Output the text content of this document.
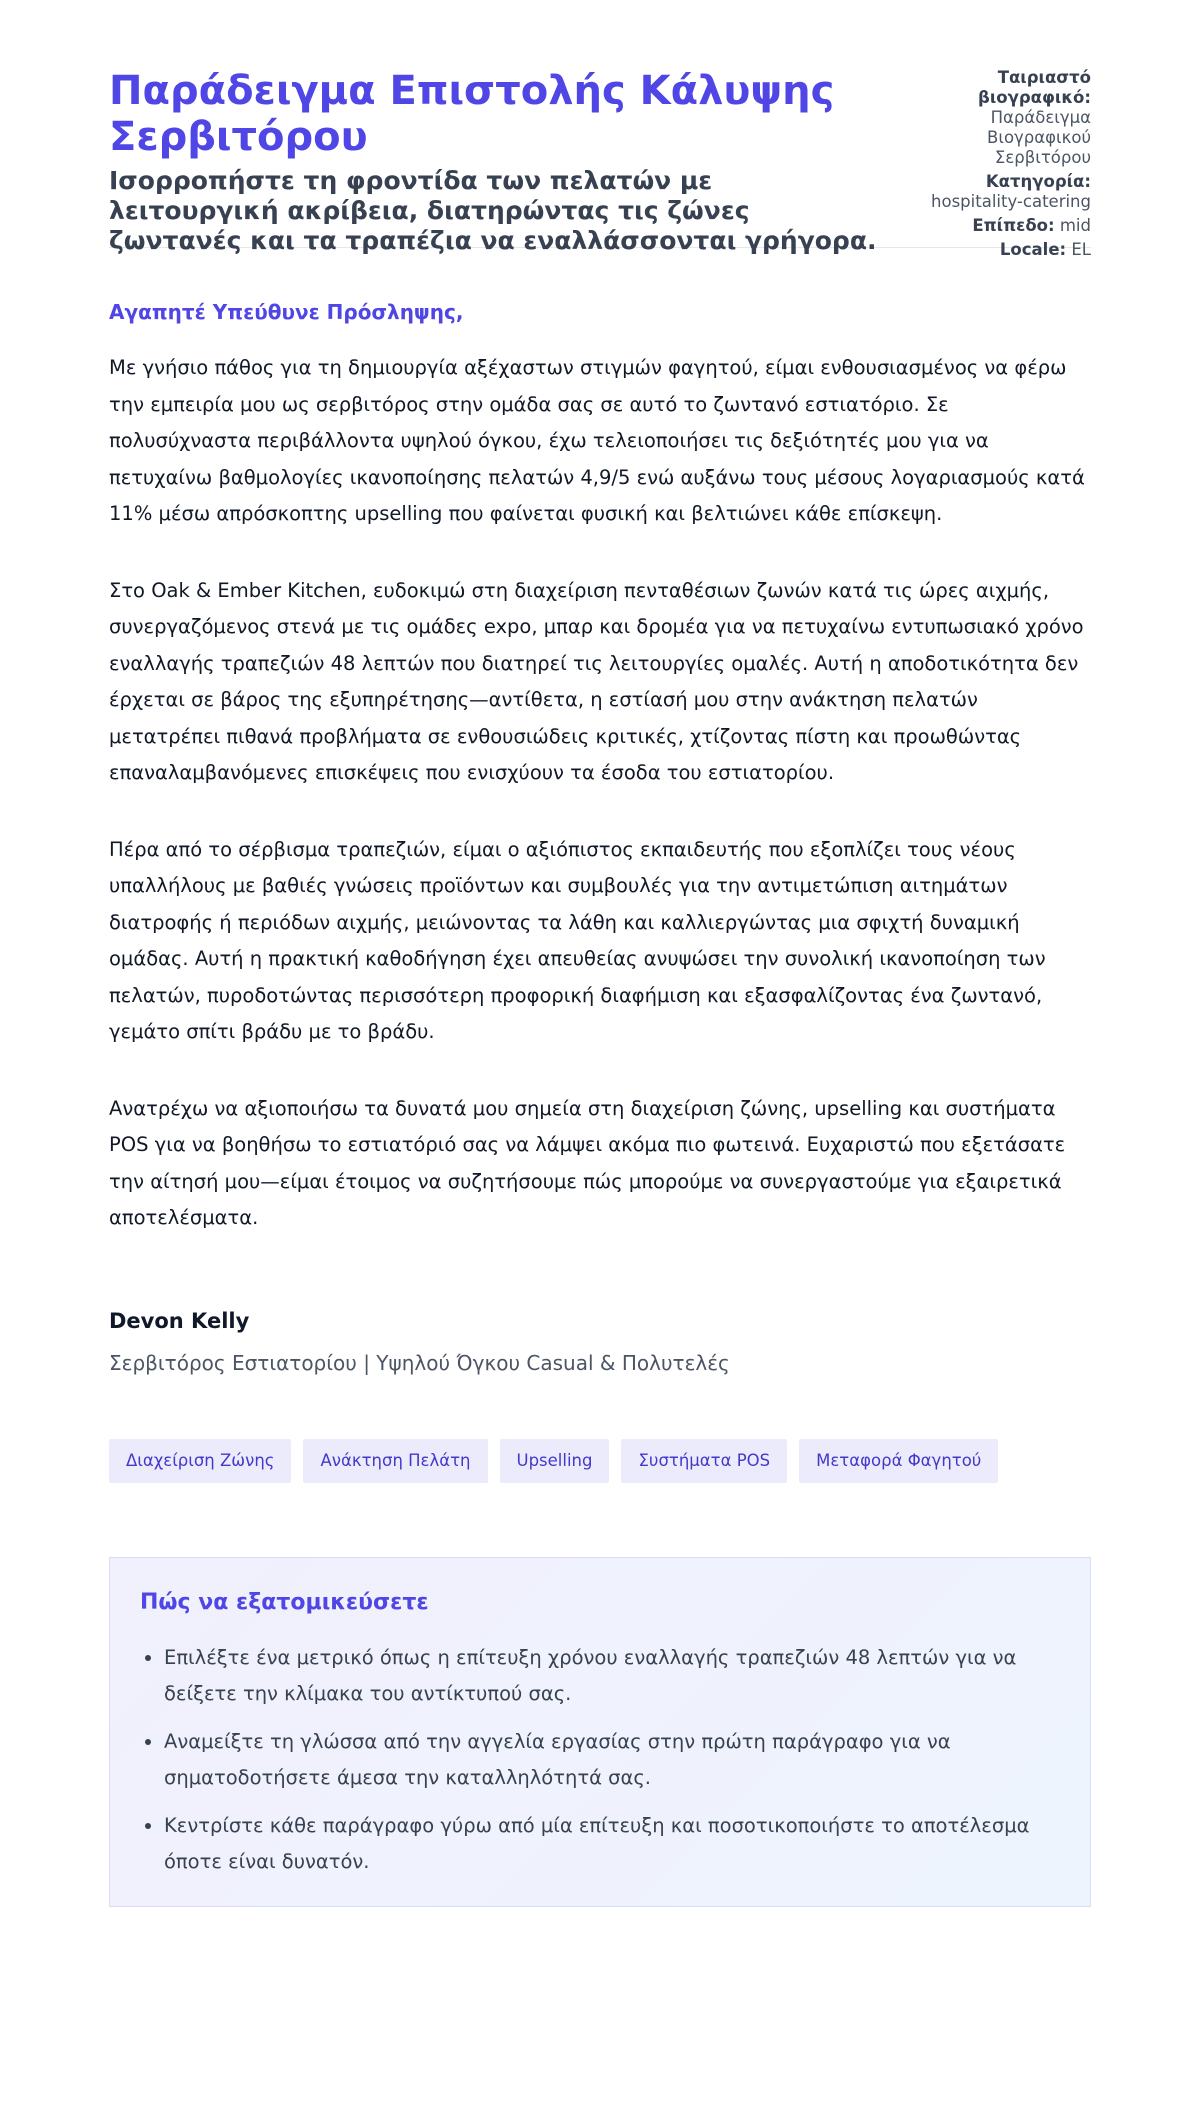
Παράδειγμα Επιστολής Κάλυψης Σερβιτόρου

Ισορροπήστε τη φροντίδα των πελατών με λειτουργική ακρίβεια, διατηρώντας τις ζώνες ζωντανές και τα τραπέζια να εναλλάσσονται γρήγορα.

Ταιριαστό βιογραφικό:
Παράδειγμα Βιογραφικού Σερβιτόρου
Κατηγορία:
hospitality-catering
Επίπεδο: mid
Locale: EL

Αγαπητέ Υπεύθυνε Πρόσληψης,

Με γνήσιο πάθος για τη δημιουργία αξέχαστων στιγμών φαγητού, είμαι ενθουσιασμένος να φέρω την εμπειρία μου ως σερβιτόρος στην ομάδα σας σε αυτό το ζωντανό εστιατόριο. Σε πολυσύχναστα περιβάλλοντα υψηλού όγκου, έχω τελειοποιήσει τις δεξιότητές μου για να πετυχαίνω βαθμολογίες ικανοποίησης πελατών 4,9/5 ενώ αυξάνω τους μέσους λογαριασμούς κατά 11% μέσω απρόσκοπτης upselling που φαίνεται φυσική και βελτιώνει κάθε επίσκεψη.

Στο Oak & Ember Kitchen, ευδοκιμώ στη διαχείριση πενταθέσιων ζωνών κατά τις ώρες αιχμής, συνεργαζόμενος στενά με τις ομάδες expo, μπαρ και δρομέα για να πετυχαίνω εντυπωσιακό χρόνο εναλλαγής τραπεζιών 48 λεπτών που διατηρεί τις λειτουργίες ομαλές. Αυτή η αποδοτικότητα δεν έρχεται σε βάρος της εξυπηρέτησης—αντίθετα, η εστίασή μου στην ανάκτηση πελατών μετατρέπει πιθανά προβλήματα σε ενθουσιώδεις κριτικές, χτίζοντας πίστη και προωθώντας επαναλαμβανόμενες επισκέψεις που ενισχύουν τα έσοδα του εστιατορίου.

Πέρα από το σέρβισμα τραπεζιών, είμαι ο αξιόπιστος εκπαιδευτής που εξοπλίζει τους νέους υπαλλήλους με βαθιές γνώσεις προϊόντων και συμβουλές για την αντιμετώπιση αιτημάτων διατροφής ή περιόδων αιχμής, μειώνοντας τα λάθη και καλλιεργώντας μια σφιχτή δυναμική ομάδας. Αυτή η πρακτική καθοδήγηση έχει απευθείας ανυψώσει την συνολική ικανοποίηση των πελατών, πυροδοτώντας περισσότερη προφορική διαφήμιση και εξασφαλίζοντας ένα ζωντανό, γεμάτο σπίτι βράδυ με το βράδυ.

Ανατρέχω να αξιοποιήσω τα δυνατά μου σημεία στη διαχείριση ζώνης, upselling και συστήματα POS για να βοηθήσω το εστιατόριό σας να λάμψει ακόμα πιο φωτεινά. Ευχαριστώ που εξετάσατε την αίτησή μου—είμαι έτοιμος να συζητήσουμε πώς μπορούμε να συνεργαστούμε για εξαιρετικά αποτελέσματα.

Devon Kelly
Σερβιτόρος Εστιατορίου | Υψηλού Όγκου Casual & Πολυτελές
Διαχείριση Ζώνης	Ανάκτηση Πελάτη	Upselling	Συστήματα POS	Μεταφορά Φαγητού
Πώς να εξατομικεύσετε
• Επιλέξτε ένα μετρικό όπως η επίτευξη χρόνου εναλλαγής τραπεζιών 48 λεπτών για να δείξετε την κλίμακα του αντίκτυπού σας.
• Αναμείξτε τη γλώσσα από την αγγελία εργασίας στην πρώτη παράγραφο για να σηματοδοτήσετε άμεσα την καταλληλότητά σας.
• Κεντρίστε κάθε παράγραφο γύρω από μία επίτευξη και ποσοτικοποιήστε το αποτέλεσμα όποτε είναι δυνατόν.
